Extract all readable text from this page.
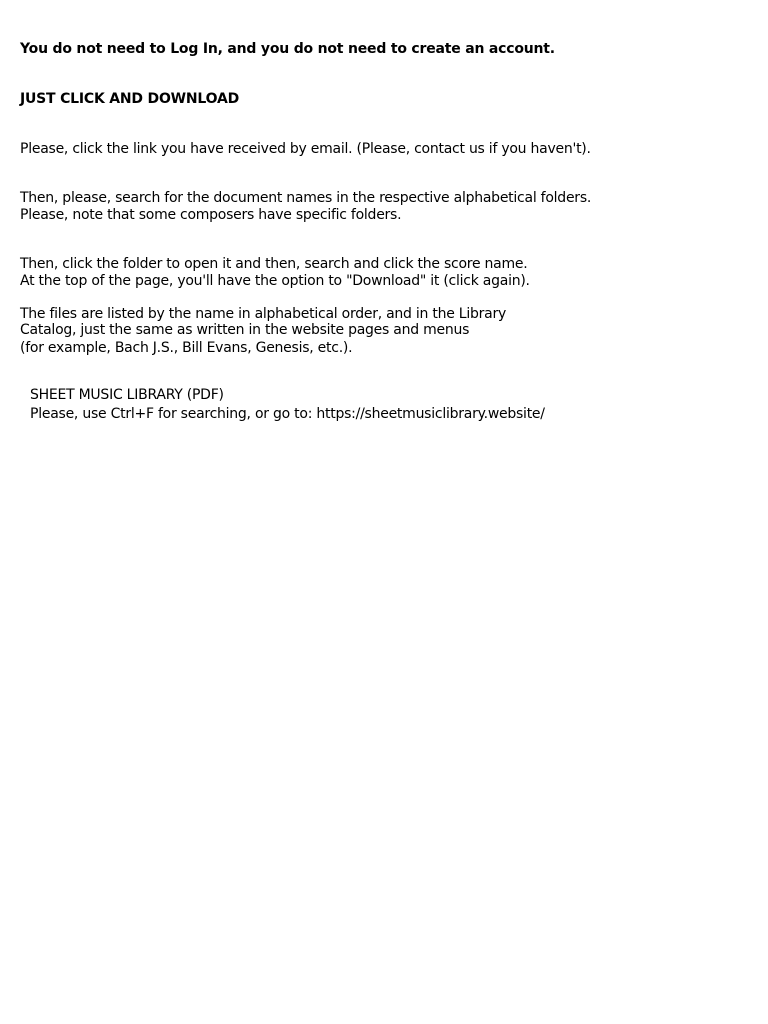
You do not need to Log In, and you do not need to create an account.
JUST CLICK AND DOWNLOAD
Please, click the link you have received by email. (Please, contact us if you haven't).
Then, please, search for the document names in the respective alphabetical folders.
Please, note that some composers have specific folders.
Then, click the folder to open it and then, search and click the score name.
At the top of the page, you'll have the option to "Download" it (click again).
The files are listed by the name in alphabetical order, and in the Library
Catalog, just the same as written in the website pages and menus
(for example, Bach J.S., Bill Evans, Genesis, etc.).
SHEET MUSIC LIBRARY (PDF)
Please, use Ctrl+F for searching, or go to: https://sheetmusiclibrary.website/
